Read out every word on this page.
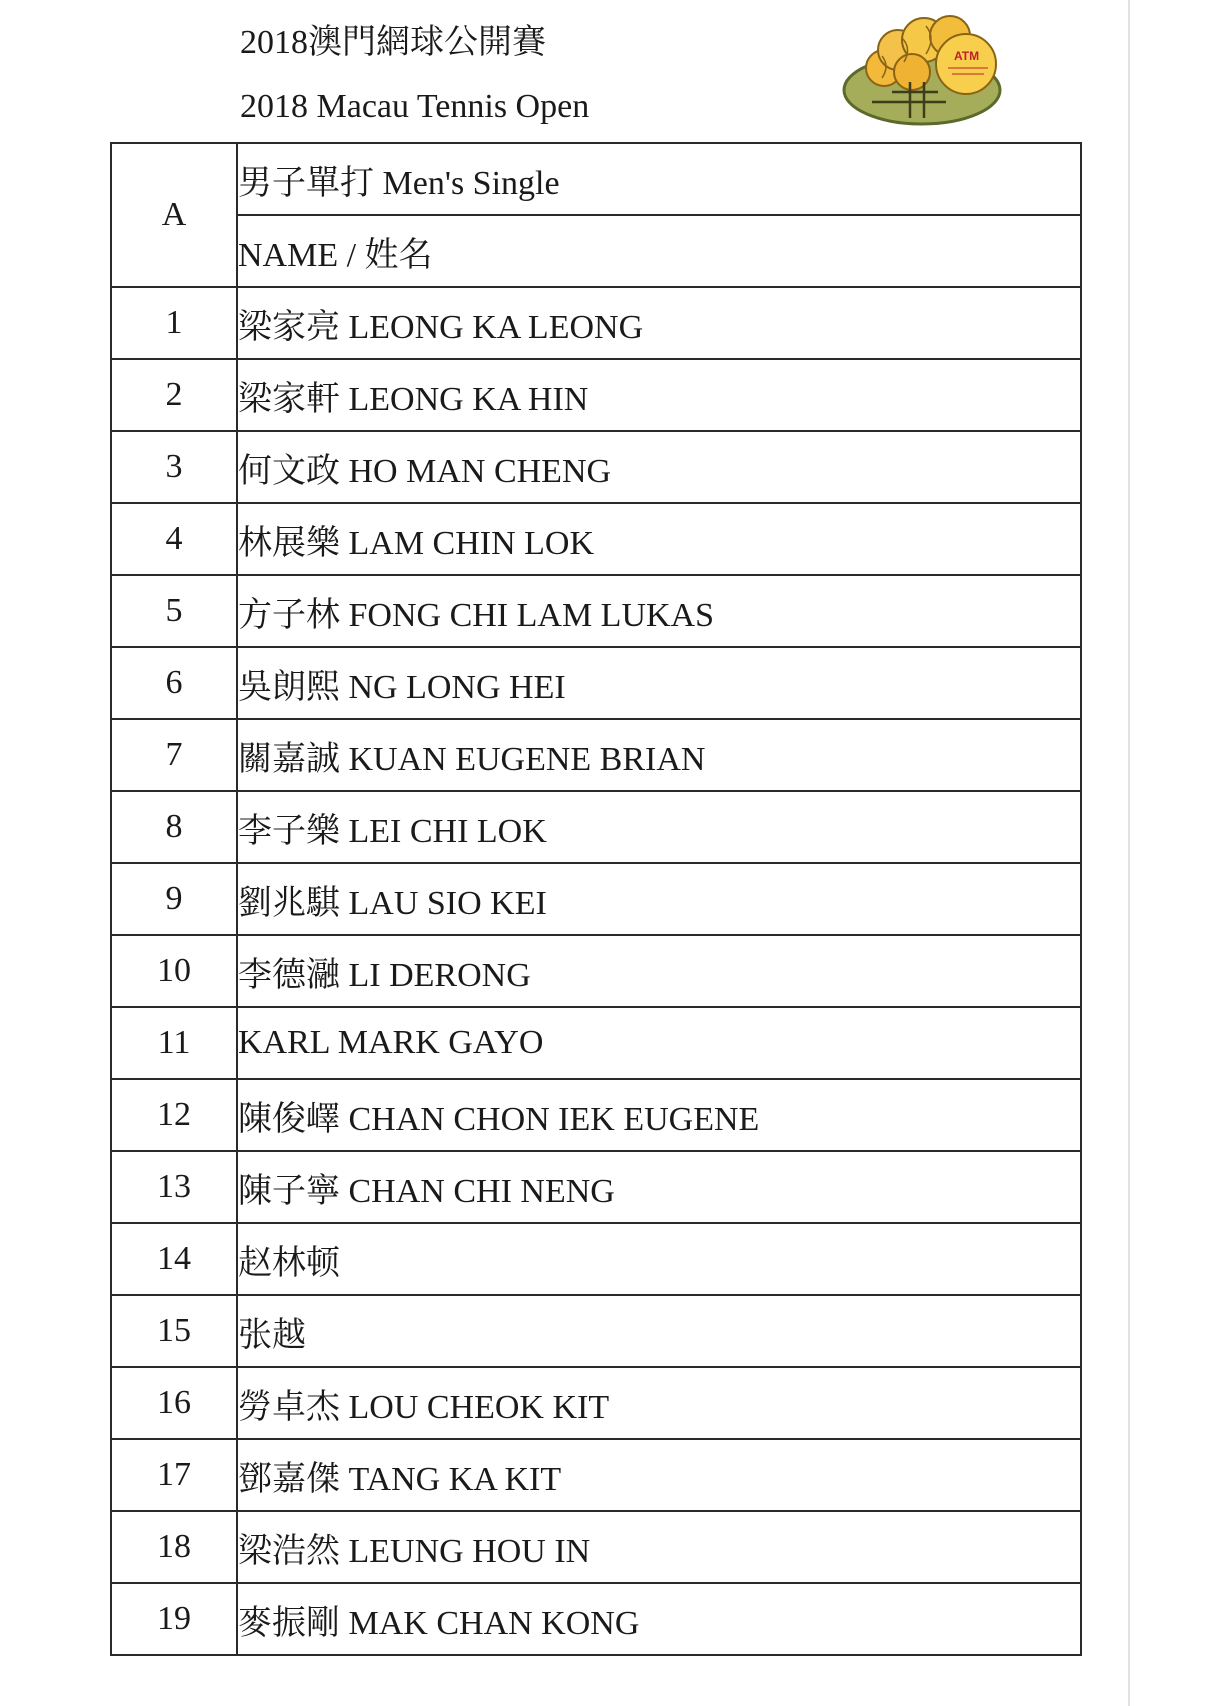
2018澳門網球公開賽
2018 Macau Tennis Open
ATM
A	男子單打 Men's Single
	NAME / 姓名
1	梁家亮 LEONG KA LEONG
2	梁家軒 LEONG KA HIN
3	何文政 HO MAN CHENG
4	林展樂 LAM CHIN LOK
5	方子林 FONG CHI LAM LUKAS
6	吳朗熙 NG LONG HEI
7	關嘉誠 KUAN EUGENE BRIAN
8	李子樂 LEI CHI LOK
9	劉兆騏 LAU SIO KEI
10	李德瀜 LI DERONG
11	KARL MARK GAYO
12	陳俊嶧 CHAN CHON IEK EUGENE
13	陳子寧 CHAN CHI NENG
14	赵林顿
15	张越
16	勞卓杰 LOU CHEOK KIT
17	鄧嘉傑 TANG KA KIT
18	梁浩然 LEUNG HOU IN
19	麥振剛 MAK CHAN KONG
